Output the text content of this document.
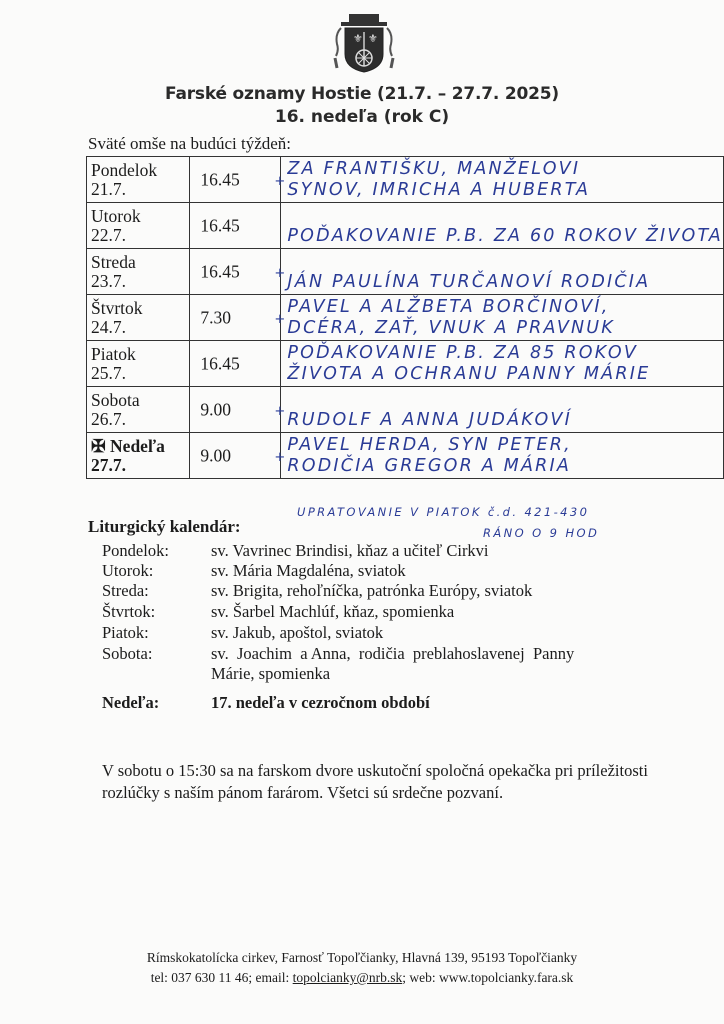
⚜ ⚜
Farské oznamy Hostie (21.7. – 27.7. 2025)
16. nedeľa (rok C)
Sväté omše na budúci týždeň:
Pondelok
21.7.	16.45 +	ZA FRANTIŠKU, MANŽELOVI
SYNOV, IMRICHA A HUBERTA
Utorok
22.7.	16.45	POĎAKOVANIE P.B. ZA 60 ROKOV ŽIVOTA
Streda
23.7.	16.45 +	JÁN PAULÍNA TURČANOVÍ RODIČIA
Štvrtok
24.7.	7.30 +	PAVEL A ALŽBETA BORČINOVÍ,
DCÉRA, ZAŤ, VNUK A PRAVNUK
Piatok
25.7.	16.45	POĎAKOVANIE P.B. ZA 85 ROKOV
ŽIVOTA A OCHRANU PANNY MÁRIE
Sobota
26.7.	9.00 +	RUDOLF A ANNA JUDÁKOVÍ
✠ Nedeľa
27.7.	9.00 +	PAVEL HERDA, SYN PETER,
RODIČIA GREGOR A MÁRIA
UPRATOVANIE V PIATOK č.d. 421-430
RÁNO O 9 HOD
Liturgický kalendár:
Pondelok:	sv. Vavrinec Brindisi, kňaz a učiteľ Cirkvi
Utorok:	sv. Mária Magdaléna, sviatok
Streda:	sv. Brigita, rehoľníčka, patrónka Európy, sviatok
Štvrtok:	sv. Šarbel Machlúf, kňaz, spomienka
Piatok:	sv. Jakub, apoštol, sviatok
Sobota:	sv.  Joachim  a Anna,  rodičia  preblahoslavenej  Panny
Márie, spomienka
Nedeľa:	17. nedeľa v cezročnom období
V sobotu o 15:30 sa na farskom dvore uskutoční spoločná opekačka pri príležitosti rozlúčky s naším pánom farárom. Všetci sú srdečne pozvaní.
Rímskokatolícka cirkev, Farnosť Topoľčianky, Hlavná 139, 95193 Topoľčianky
tel: 037 630 11 46; email: topolcianky@nrb.sk; web: www.topolcianky.fara.sk
